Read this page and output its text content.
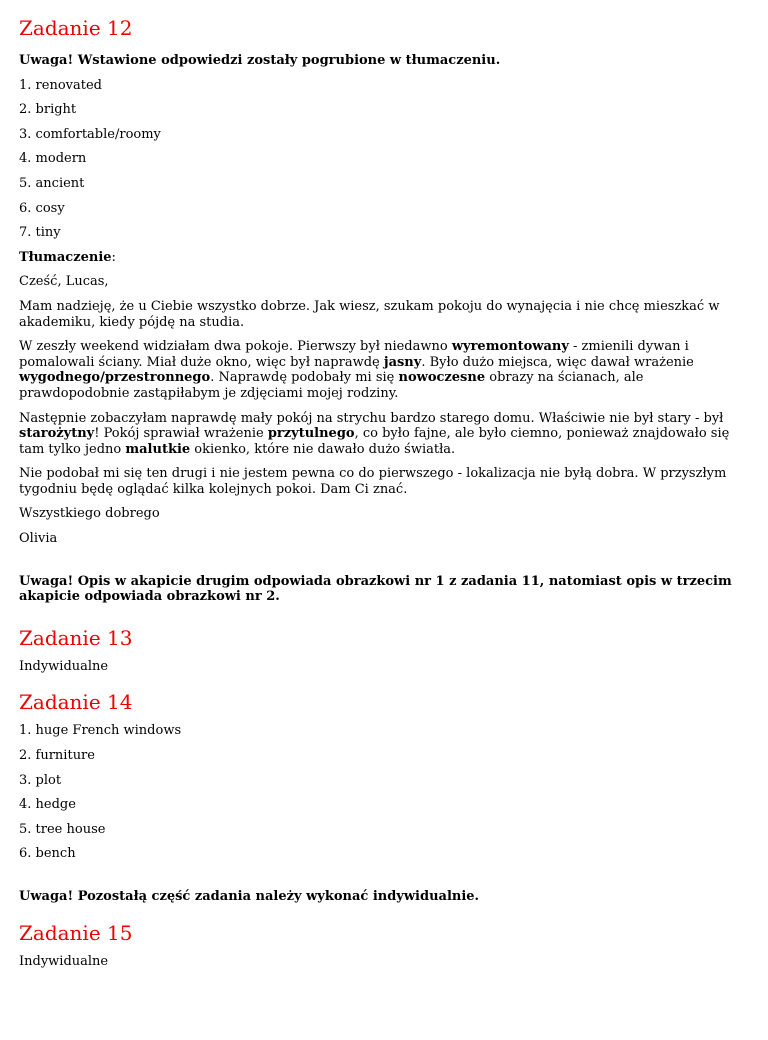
Zadanie 12

Uwaga! Wstawione odpowiedzi zostały pogrubione w tłumaczeniu.

1. renovated

2. bright

3. comfortable/roomy

4. modern

5. ancient

6. cosy

7. tiny

Tłumaczenie:

Cześć, Lucas,

Mam nadzieję, że u Ciebie wszystko dobrze. Jak wiesz, szukam pokoju do wynajęcia i nie chcę mieszkać w akademiku, kiedy pójdę na studia.

W zeszły weekend widziałam dwa pokoje. Pierwszy był niedawno wyremontowany - zmienili dywan i pomalowali ściany. Miał duże okno, więc był naprawdę jasny. Było dużo miejsca, więc dawał wrażenie wygodnego/przestronnego. Naprawdę podobały mi się nowoczesne obrazy na ścianach, ale prawdopodobnie zastąpiłabym je zdjęciami mojej rodziny.

Następnie zobaczyłam naprawdę mały pokój na strychu bardzo starego domu. Właściwie nie był stary - był starożytny! Pokój sprawiał wrażenie przytulnego, co było fajne, ale było ciemno, ponieważ znajdowało się tam tylko jedno malutkie okienko, które nie dawało dużo światła.

Nie podobał mi się ten drugi i nie jestem pewna co do pierwszego - lokalizacja nie byłą dobra. W przyszłym tygodniu będę oglądać kilka kolejnych pokoi. Dam Ci znać.

Wszystkiego dobrego

Olivia

Uwaga! Opis w akapicie drugim odpowiada obrazkowi nr 1 z zadania 11, natomiast opis w trzecim akapicie odpowiada obrazkowi nr 2.

Zadanie 13

Indywidualne

Zadanie 14

1. huge French windows

2. furniture

3. plot

4. hedge

5. tree house

6. bench

Uwaga! Pozostałą część zadania należy wykonać indywidualnie.

Zadanie 15

Indywidualne
